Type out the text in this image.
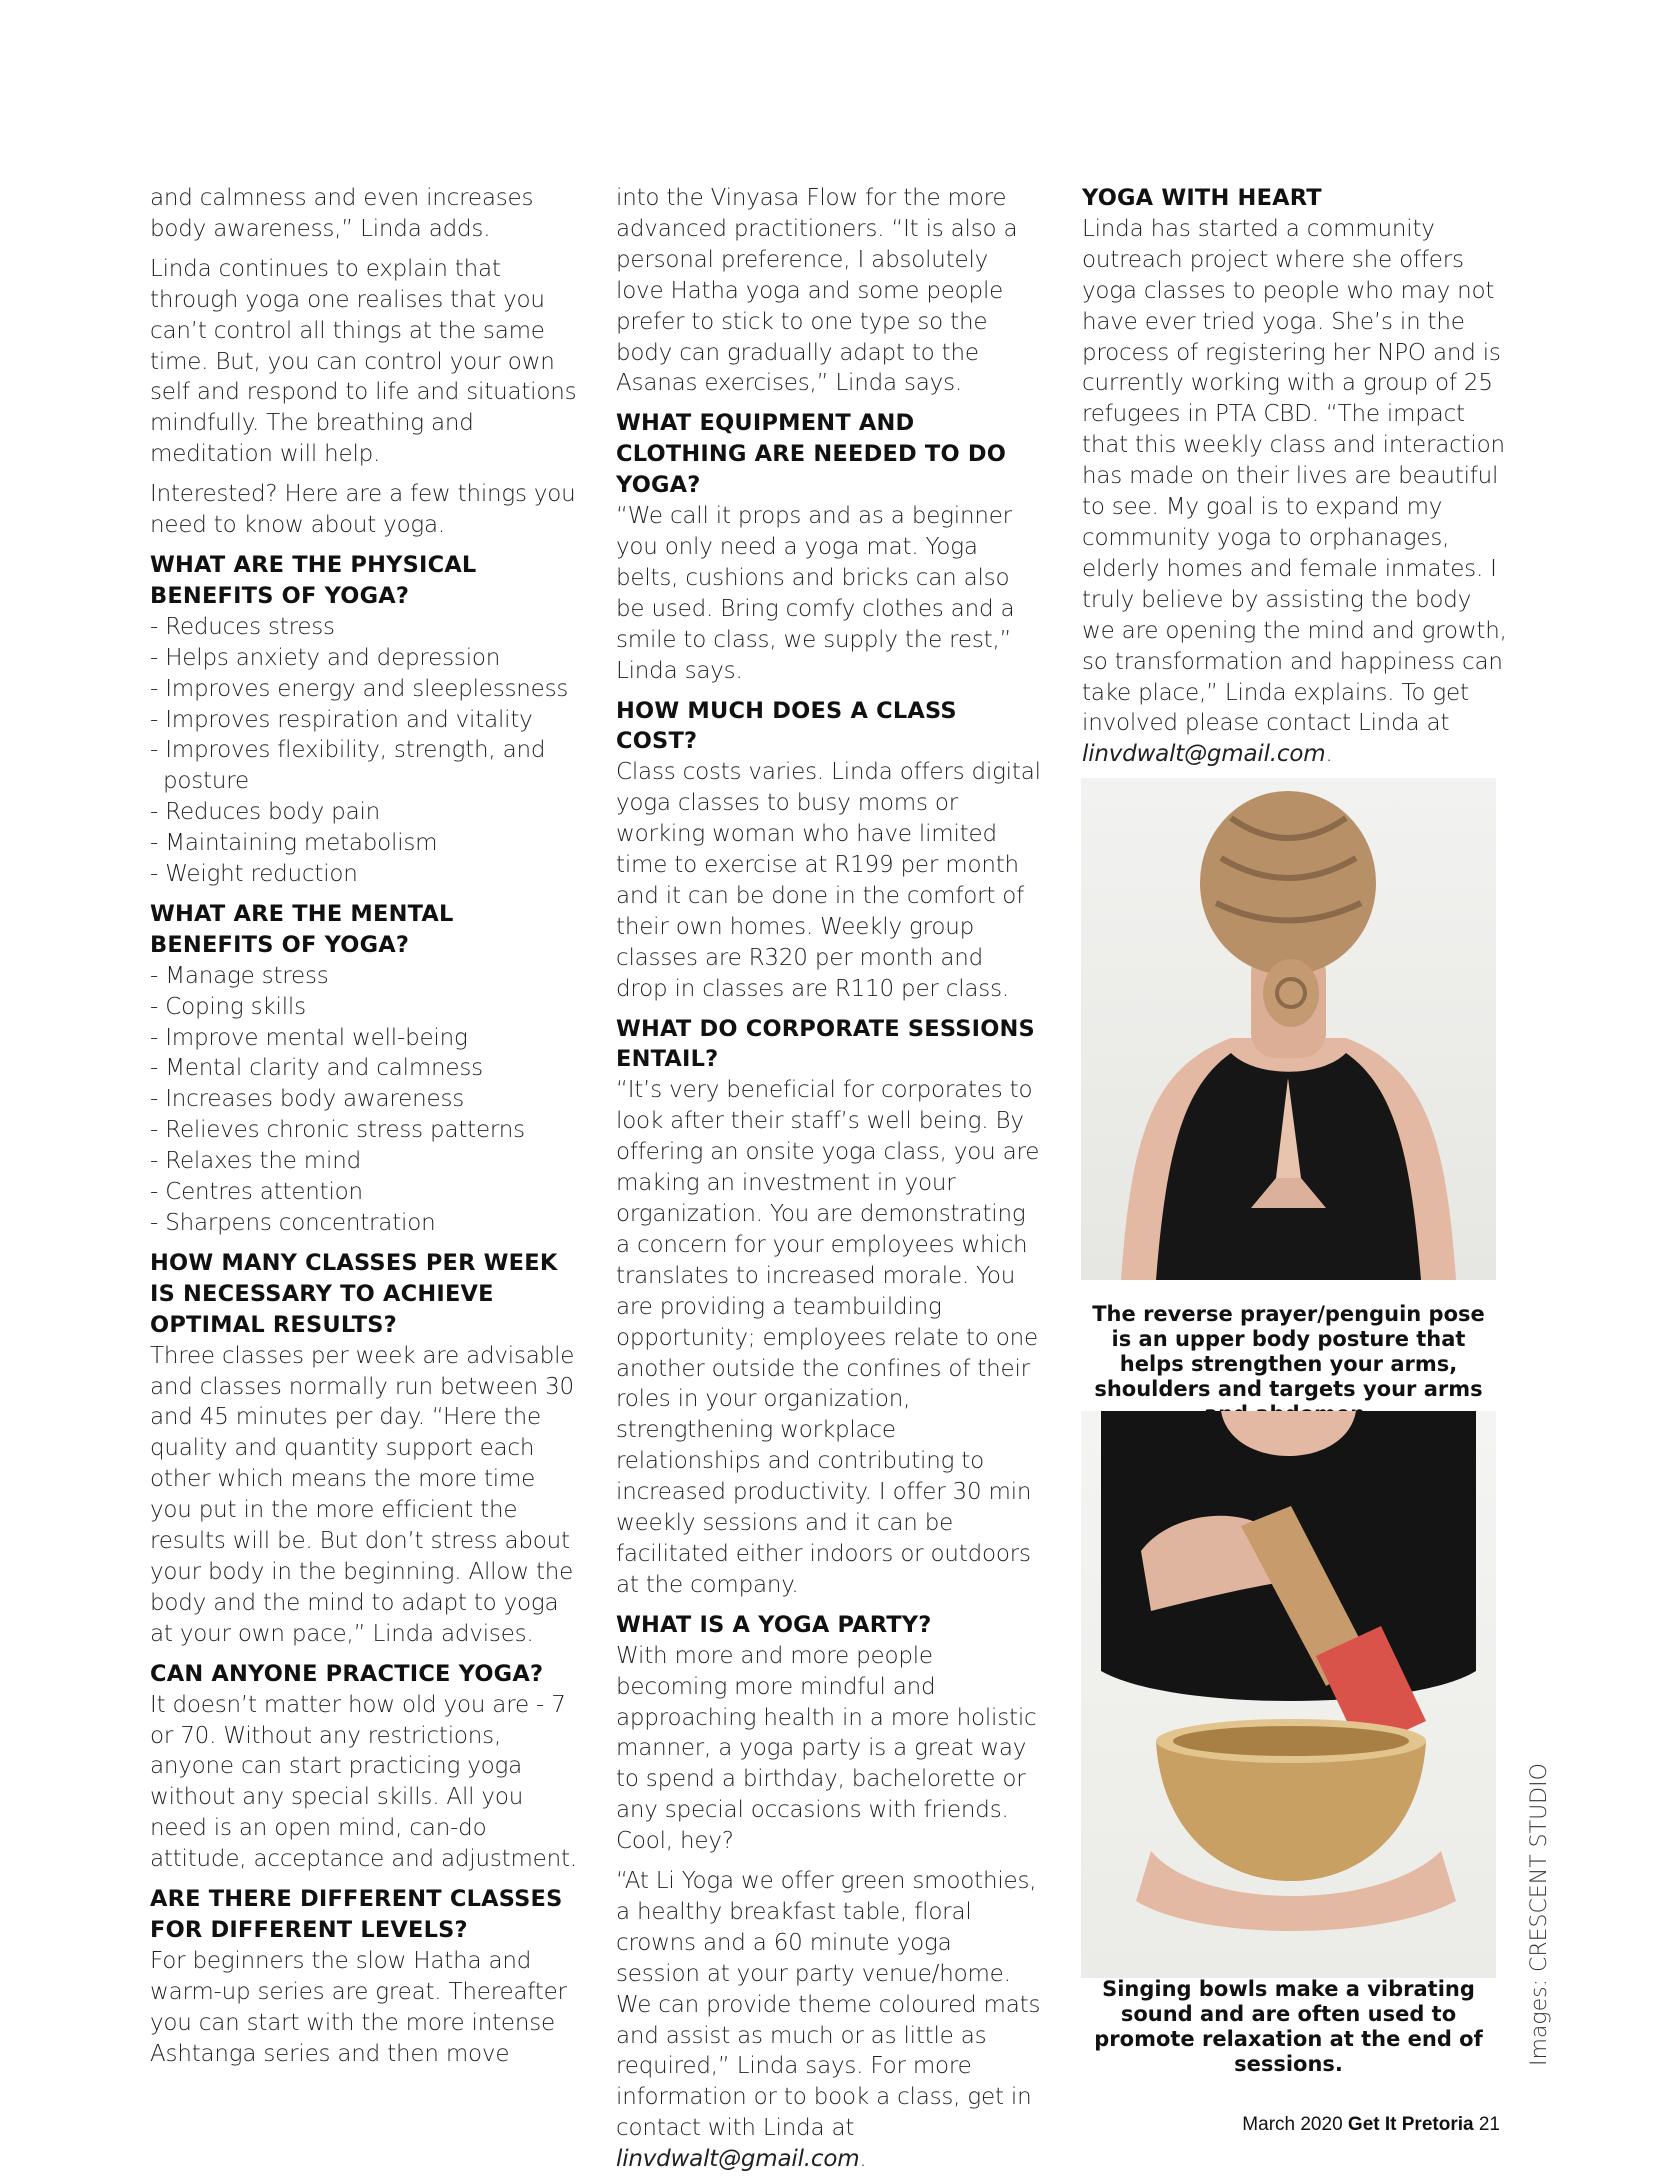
and calmness and even increases body awareness,” Linda adds.

Linda continues to explain that through yoga one realises that you can’t control all things at the same time. But, you can control your own self and respond to life and situations mindfully. The breathing and meditation will help.

Interested? Here are a few things you need to know about yoga.

WHAT ARE THE PHYSICAL BENEFITS OF YOGA?
- Reduces stress
- Helps anxiety and depression
- Improves energy and sleeplessness
- Improves respiration and vitality
- Improves flexibility, strength, and posture
- Reduces body pain
- Maintaining metabolism
- Weight reduction
WHAT ARE THE MENTAL BENEFITS OF YOGA?
- Manage stress
- Coping skills
- Improve mental well-being
- Mental clarity and calmness
- Increases body awareness
- Relieves chronic stress patterns
- Relaxes the mind
- Centres attention
- Sharpens concentration
HOW MANY CLASSES PER WEEK IS NECESSARY TO ACHIEVE OPTIMAL RESULTS?

Three classes per week are advisable and classes normally run between 30 and 45 minutes per day. “Here the quality and quantity support each other which means the more time you put in the more efficient the results will be. But don’t stress about your body in the beginning. Allow the body and the mind to adapt to yoga at your own pace,” Linda advises.

CAN ANYONE PRACTICE YOGA?

It doesn’t matter how old you are - 7 or 70. Without any restrictions, anyone can start practicing yoga without any special skills. All you need is an open mind, can-do attitude, acceptance and adjustment.

ARE THERE DIFFERENT CLASSES FOR DIFFERENT LEVELS?

For beginners the slow Hatha and warm-up series are great. Thereafter you can start with the more intense Ashtanga series and then move

into the Vinyasa Flow for the more advanced practitioners. “It is also a personal preference, I absolutely love Hatha yoga and some people prefer to stick to one type so the body can gradually adapt to the Asanas exercises,” Linda says.

WHAT EQUIPMENT AND CLOTHING ARE NEEDED TO DO YOGA?

“We call it props and as a beginner you only need a yoga mat. Yoga belts, cushions and bricks can also be used. Bring comfy clothes and a smile to class, we supply the rest,” Linda says.

HOW MUCH DOES A CLASS COST?

Class costs varies. Linda offers digital yoga classes to busy moms or working woman who have limited time to exercise at R199 per month and it can be done in the comfort of their own homes. Weekly group classes are R320 per month and drop in classes are R110 per class.

WHAT DO CORPORATE SESSIONS ENTAIL?

“It’s very beneficial for corporates to look after their staff’s well being. By offering an onsite yoga class, you are making an investment in your organization. You are demonstrating a concern for your employees which translates to increased morale. You are providing a teambuilding opportunity; employees relate to one another outside the confines of their roles in your organization, strengthening workplace relationships and contributing to increased productivity. I offer 30 min weekly sessions and it can be facilitated either indoors or outdoors at the company.

WHAT IS A YOGA PARTY?

With more and more people becoming more mindful and approaching health in a more holistic manner, a yoga party is a great way to spend a birthday, bachelorette or any special occasions with friends. Cool, hey?

“At Li Yoga we offer green smoothies, a healthy breakfast table, floral crowns and a 60 minute yoga session at your party venue/home. We can provide theme coloured mats and assist as much or as little as required,” Linda says. For more information or to book a class, get in contact with Linda at linvdwalt@gmail.com.

YOGA WITH HEART

Linda has started a community outreach project where she offers yoga classes to people who may not have ever tried yoga. She’s in the process of registering her NPO and is currently working with a group of 25 refugees in PTA CBD. “The impact that this weekly class and interaction has made on their lives are beautiful to see. My goal is to expand my community yoga to orphanages, elderly homes and female inmates. I truly believe by assisting the body we are opening the mind and growth, so transformation and happiness can take place,” Linda explains. To get involved please contact Linda at linvdwalt@gmail.com.

The reverse prayer/penguin pose is an upper body posture that helps strengthen your arms, shoulders and targets your arms
Singing bowls make a vibrating sound and are often used to promote relaxation at the end of sessions.	Images: CRESCENT STUDIO
March 2020 Get It Pretoria 21
